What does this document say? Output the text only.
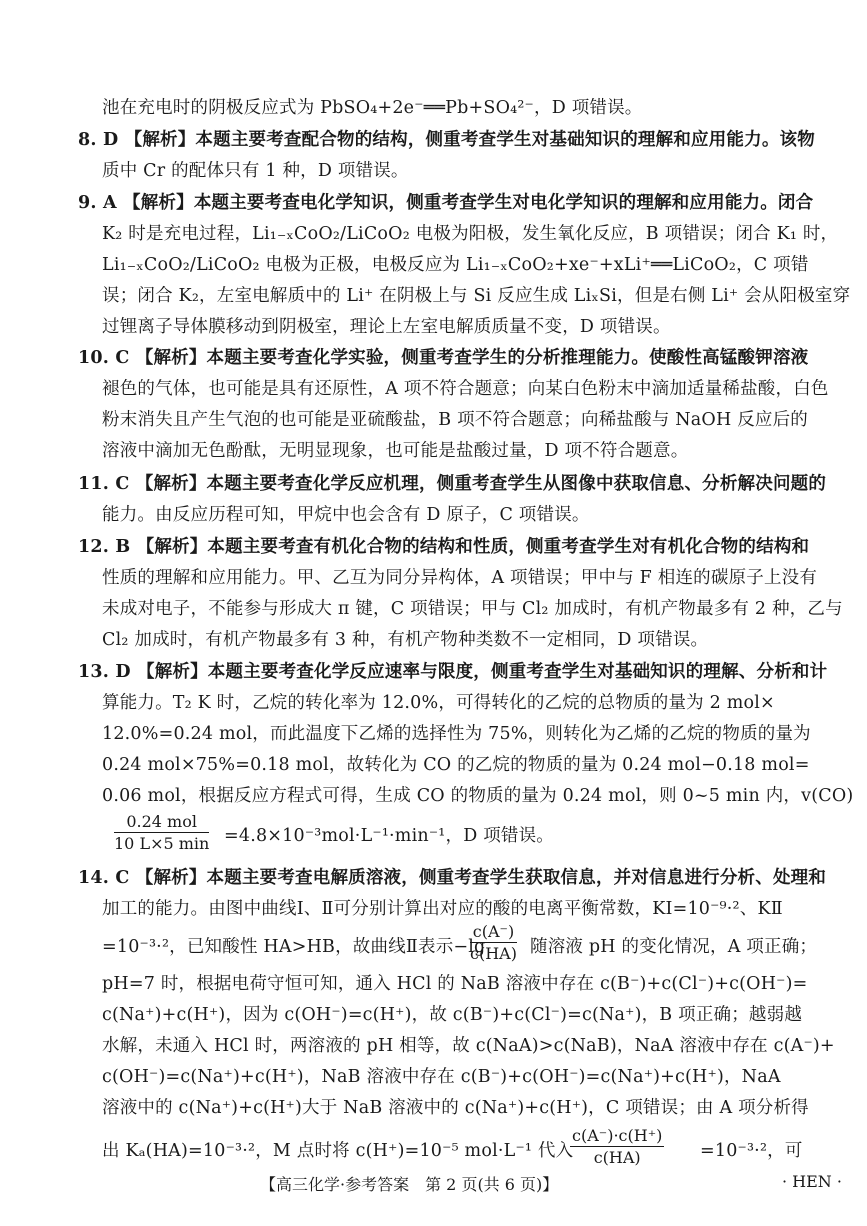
池在充电时的阴极反应式为 PbSO₄+2e⁻══Pb+SO₄²⁻，D 项错误。
8. D 【解析】本题主要考查配合物的结构，侧重考查学生对基础知识的理解和应用能力。该物
质中 Cr 的配体只有 1 种，D 项错误。
9. A 【解析】本题主要考查电化学知识，侧重考查学生对电化学知识的理解和应用能力。闭合
K₂ 时是充电过程，Li₁₋ₓCoO₂/LiCoO₂ 电极为阳极，发生氧化反应，B 项错误；闭合 K₁ 时，
Li₁₋ₓCoO₂/LiCoO₂ 电极为正极，电极反应为 Li₁₋ₓCoO₂+xe⁻+xLi⁺══LiCoO₂，C 项错
误；闭合 K₂，左室电解质中的 Li⁺ 在阴极上与 Si 反应生成 LiₓSi，但是右侧 Li⁺ 会从阳极室穿
过锂离子导体膜移动到阴极室，理论上左室电解质质量不变，D 项错误。
10. C 【解析】本题主要考查化学实验，侧重考查学生的分析推理能力。使酸性高锰酸钾溶液
褪色的气体，也可能是具有还原性，A 项不符合题意；向某白色粉末中滴加适量稀盐酸，白色
粉末消失且产生气泡的也可能是亚硫酸盐，B 项不符合题意；向稀盐酸与 NaOH 反应后的
溶液中滴加无色酚酞，无明显现象，也可能是盐酸过量，D 项不符合题意。
11. C 【解析】本题主要考查化学反应机理，侧重考查学生从图像中获取信息、分析解决问题的
能力。由反应历程可知，甲烷中也会含有 D 原子，C 项错误。
12. B 【解析】本题主要考查有机化合物的结构和性质，侧重考查学生对有机化合物的结构和
性质的理解和应用能力。甲、乙互为同分异构体，A 项错误；甲中与 F 相连的碳原子上没有
未成对电子，不能参与形成大 π 键，C 项错误；甲与 Cl₂ 加成时，有机产物最多有 2 种，乙与
Cl₂ 加成时，有机产物最多有 3 种，有机产物种类数不一定相同，D 项错误。
13. D 【解析】本题主要考查化学反应速率与限度，侧重考查学生对基础知识的理解、分析和计
算能力。T₂ K 时，乙烷的转化率为 12.0%，可得转化的乙烷的总物质的量为 2 mol×
12.0%=0.24 mol，而此温度下乙烯的选择性为 75%，则转化为乙烯的乙烷的物质的量为
0.24 mol×75%=0.18 mol，故转化为 CO 的乙烷的物质的量为 0.24 mol−0.18 mol=
0.06 mol，根据反应方程式可得，生成 CO 的物质的量为 0.24 mol，则 0~5 min 内，v(CO)
0.24 mol
10 L×5 min =4.8×10⁻³mol·L⁻¹·min⁻¹，D 项错误。
14. C 【解析】本题主要考查电解质溶液，侧重考查学生获取信息，并对信息进行分析、处理和
加工的能力。由图中曲线Ⅰ、Ⅱ可分别计算出对应的酸的电离平衡常数，KⅠ=10⁻⁹·²、KⅡ
=10⁻³·²，已知酸性 HA>HB，故曲线Ⅱ表示−lg
$\frac{c(A^-)}{c(HA)}$ 随溶液 pH 的变化情况，A 项正确；
pH=7 时，根据电荷守恒可知，通入 HCl 的 NaB 溶液中存在 c(B⁻)+c(Cl⁻)+c(OH⁻)=
c(Na⁺)+c(H⁺)，因为 c(OH⁻)=c(H⁺)，故 c(B⁻)+c(Cl⁻)=c(Na⁺)，B 项正确；越弱越
水解，未通入 HCl 时，两溶液的 pH 相等，故 c(NaA)>c(NaB)，NaA 溶液中存在 c(A⁻)+
c(OH⁻)=c(Na⁺)+c(H⁺)，NaB 溶液中存在 c(B⁻)+c(OH⁻)=c(Na⁺)+c(H⁺)，NaA
溶液中的 c(Na⁺)+c(H⁺)大于 NaB 溶液中的 c(Na⁺)+c(H⁺)，C 项错误；由 A 项分析得
出 Kₐ(HA)=10⁻³·²，M 点时将 c(H⁺)=10⁻⁵ mol·L⁻¹ 代入
$\frac{c(A^-)\cdot c(H^+)}{c(HA)} =10^{-3}\cdot^2$，可
【高三化学·参考答案　第 2 页(共 6 页)】	· HEN ·
